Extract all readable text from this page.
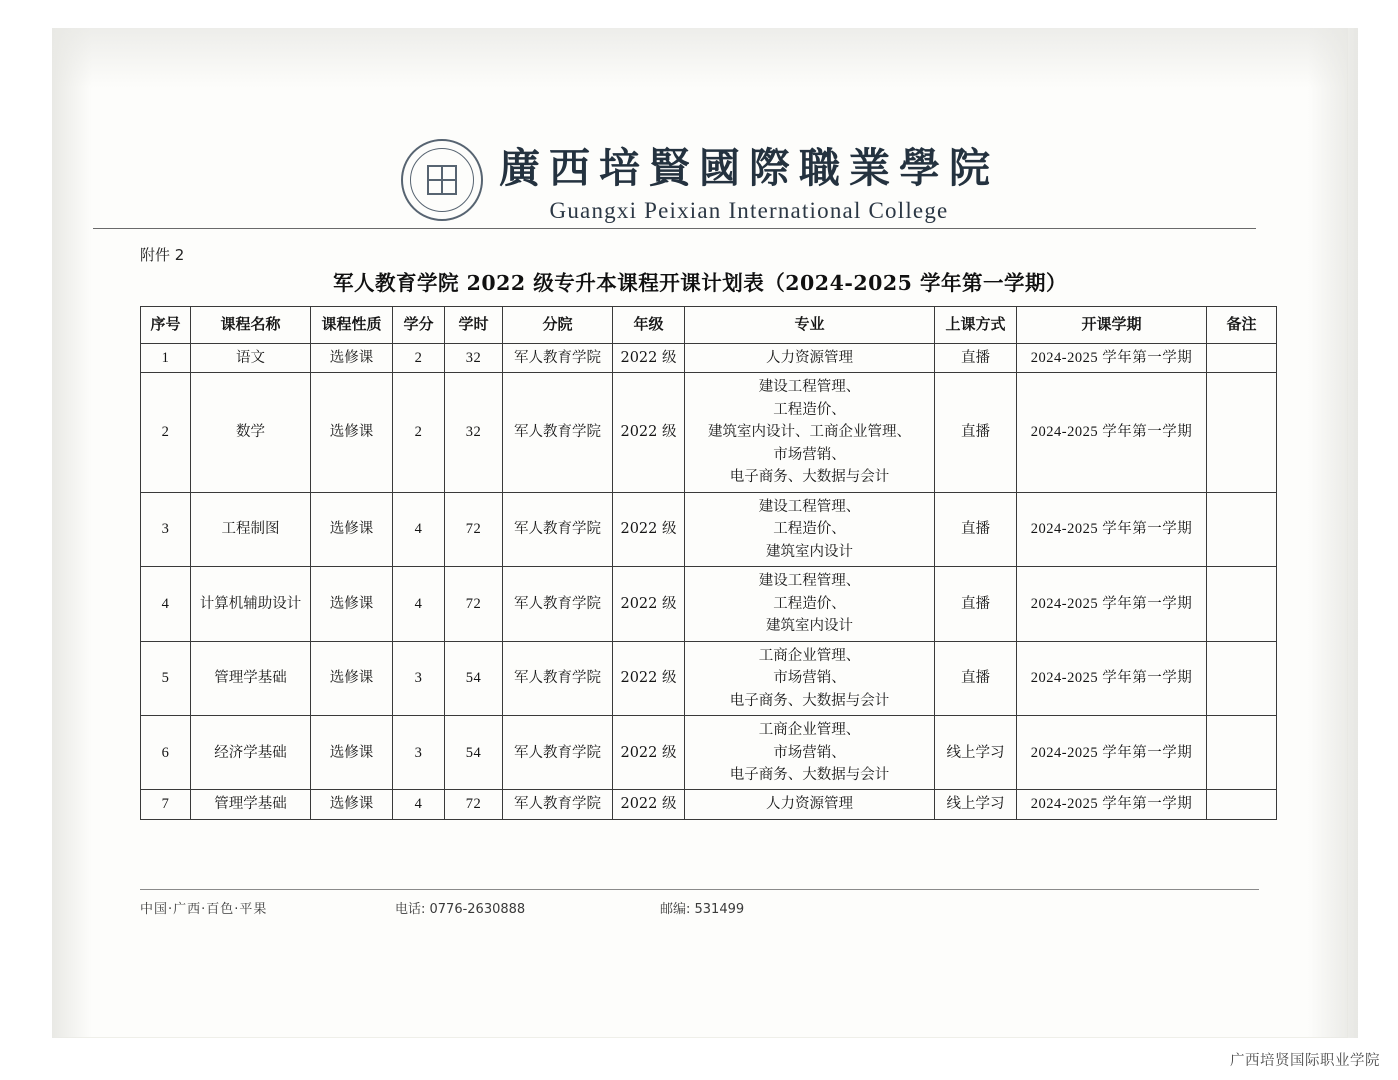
廣西培賢國際職業學院
Guangxi Peixian International College
附件 2
军人教育学院 2022 级专升本课程开课计划表（2024-2025 学年第一学期）
序号	课程名称	课程性质	学分	学时	分院	年级	专业	上课方式	开课学期	备注
1	语文	选修课	2	32	军人教育学院	2022 级	人力资源管理	直播	2024-2025 学年第一学期	
2	数学	选修课	2	32	军人教育学院	2022 级	建设工程管理、
工程造价、
建筑室内设计、工商企业管理、
市场营销、
电子商务、大数据与会计	直播	2024-2025 学年第一学期	
3	工程制图	选修课	4	72	军人教育学院	2022 级	建设工程管理、
工程造价、
建筑室内设计	直播	2024-2025 学年第一学期	
4	计算机辅助设计	选修课	4	72	军人教育学院	2022 级	建设工程管理、
工程造价、
建筑室内设计	直播	2024-2025 学年第一学期	
5	管理学基础	选修课	3	54	军人教育学院	2022 级	工商企业管理、
市场营销、
电子商务、大数据与会计	直播	2024-2025 学年第一学期	
6	经济学基础	选修课	3	54	军人教育学院	2022 级	工商企业管理、
市场营销、
电子商务、大数据与会计	线上学习	2024-2025 学年第一学期	
7	管理学基础	选修课	4	72	军人教育学院	2022 级	人力资源管理	线上学习	2024-2025 学年第一学期	
中国·广西·百色·平果	电话: 0776-2630888	邮编: 531499
广西培贤国际职业学院
